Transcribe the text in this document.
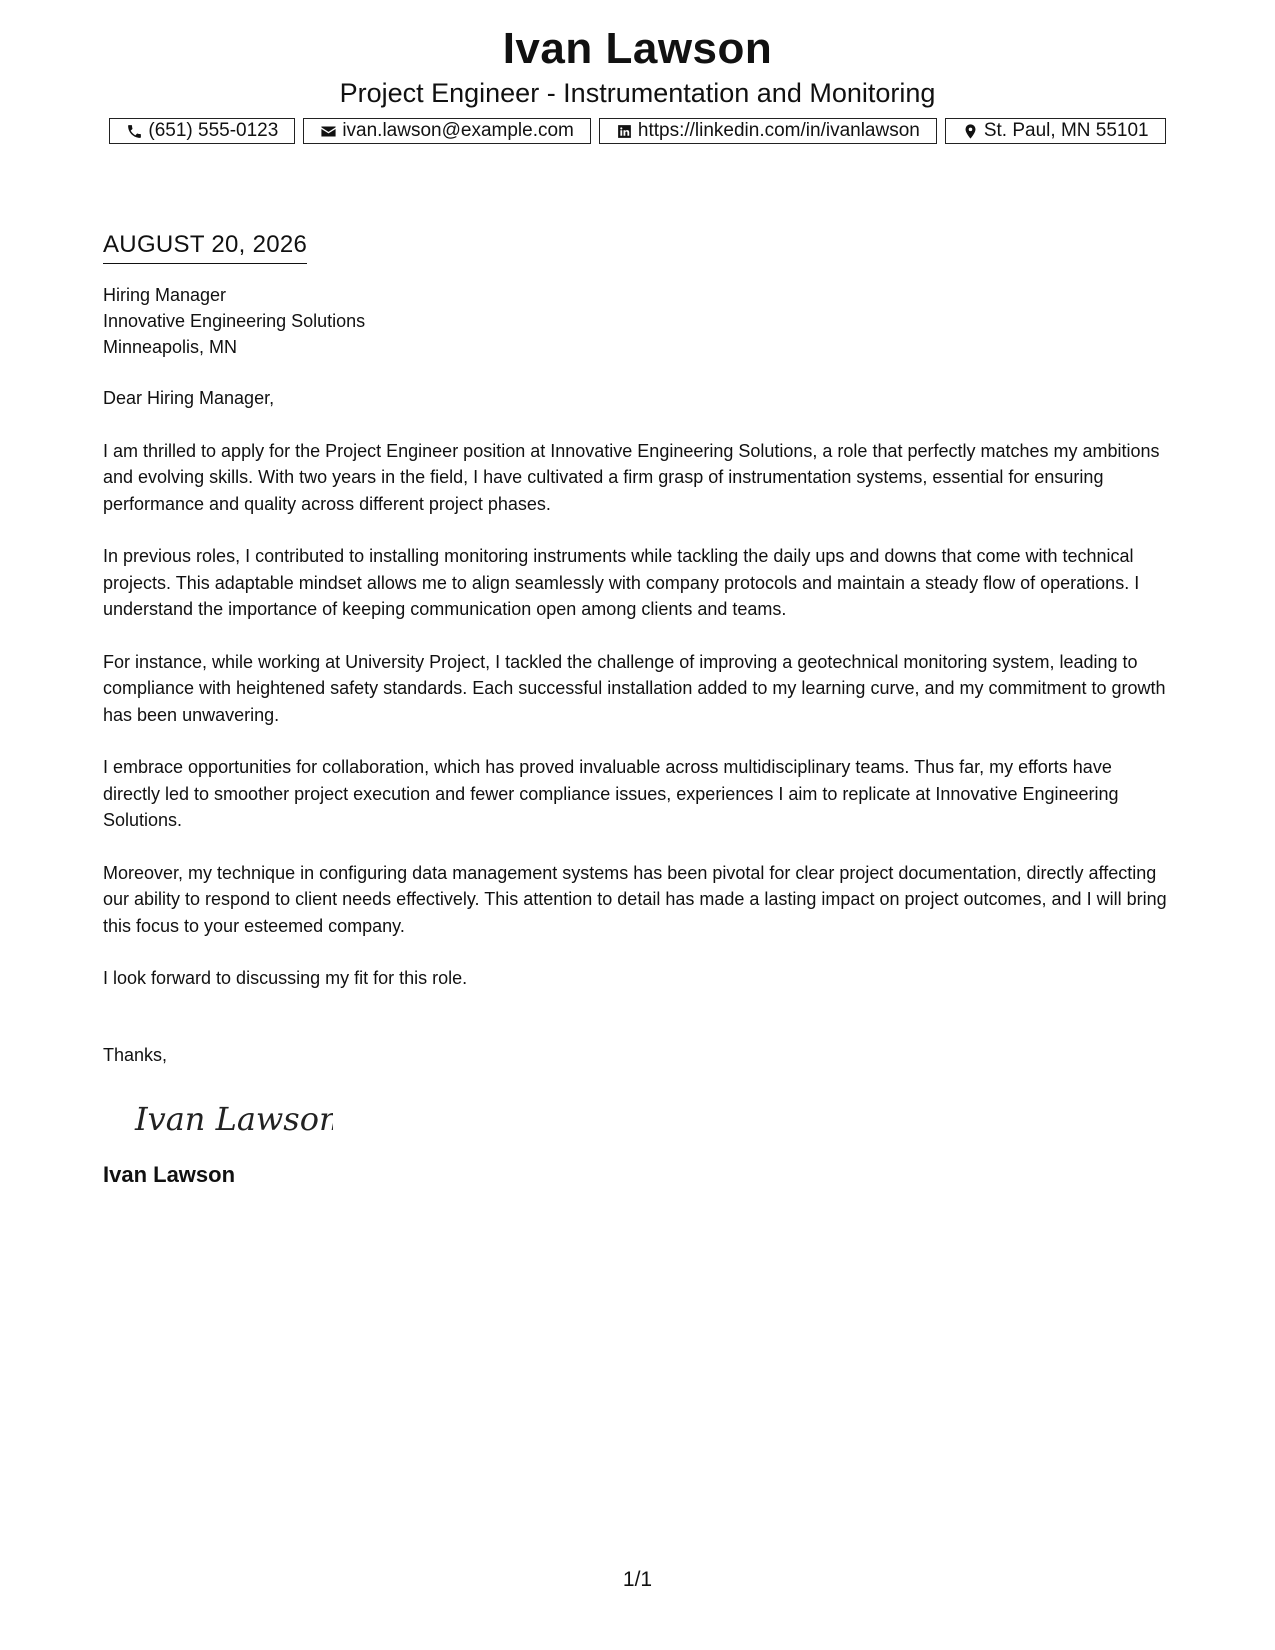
Ivan Lawson
Project Engineer - Instrumentation and Monitoring
(651) 555-0123	ivan.lawson@example.com	https://linkedin.com/in/ivanlawson	St. Paul, MN 55101
AUGUST 20, 2026
Hiring Manager
Innovative Engineering Solutions
Minneapolis, MN
Dear Hiring Manager,
I am thrilled to apply for the Project Engineer position at Innovative Engineering Solutions, a role that perfectly matches my ambitions and evolving skills. With two years in the field, I have cultivated a firm grasp of instrumentation systems, essential for ensuring performance and quality across different project phases.
In previous roles, I contributed to installing monitoring instruments while tackling the daily ups and downs that come with technical projects. This adaptable mindset allows me to align seamlessly with company protocols and maintain a steady flow of operations. I understand the importance of keeping communication open among clients and teams.
For instance, while working at University Project, I tackled the challenge of improving a geotechnical monitoring system, leading to compliance with heightened safety standards. Each successful installation added to my learning curve, and my commitment to growth has been unwavering.
I embrace opportunities for collaboration, which has proved invaluable across multidisciplinary teams. Thus far, my efforts have directly led to smoother project execution and fewer compliance issues, experiences I aim to replicate at Innovative Engineering Solutions.
Moreover, my technique in configuring data management systems has been pivotal for clear project documentation, directly affecting our ability to respond to client needs effectively. This attention to detail has made a lasting impact on project outcomes, and I will bring this focus to your esteemed company.
I look forward to discussing my fit for this role.
Thanks,
Ivan Lawson
Ivan Lawson
1/1
